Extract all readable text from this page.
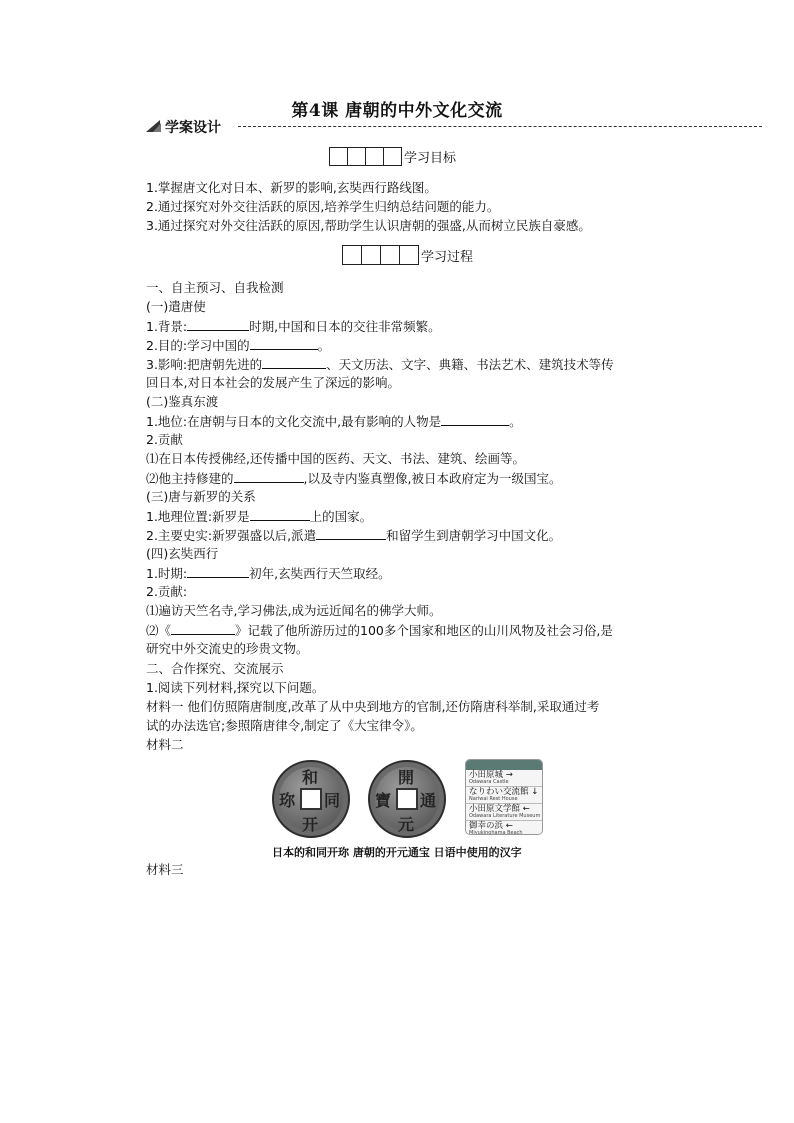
第4课 唐朝的中外文化交流
学案设计
学习目标
1.掌握唐文化对日本、新罗的影响,玄奘西行路线图。
2.通过探究对外交往活跃的原因,培养学生归纳总结问题的能力。
3.通过探究对外交往活跃的原因,帮助学生认识唐朝的强盛,从而树立民族自豪感。
学习过程
一、自主预习、自我检测
(一)遣唐使
1.背景:	时期,中国和日本的交往非常频繁。
2.目的:学习中国的	。
3.影响:把唐朝先进的	、天文历法、文字、典籍、书法艺术、建筑技术等传
回日本,对日本社会的发展产生了深远的影响。
(二)鉴真东渡
1.地位:在唐朝与日本的文化交流中,最有影响的人物是	。
2.贡献
⑴在日本传授佛经,还传播中国的医药、天文、书法、建筑、绘画等。
⑵他主持修建的	,以及寺内鉴真塑像,被日本政府定为一级国宝。
(三)唐与新罗的关系
1.地理位置:新罗是	上的国家。
2.主要史实:新罗强盛以后,派遣	和留学生到唐朝学习中国文化。
(四)玄奘西行
1.时期:	初年,玄奘西行天竺取经。
2.贡献:
⑴遍访天竺名寺,学习佛法,成为远近闻名的佛学大师。
⑵《	》记载了他所游历过的100多个国家和地区的山川风物及社会习俗,是
研究中外交流史的珍贵文物。
二、合作探究、交流展示
1.阅读下列材料,探究以下问题。
材料一 他们仿照隋唐制度,改革了从中央到地方的官制,还仿隋唐科举制,采取通过考
试的办法选官;参照隋唐律令,制定了《大宝律令》。
材料二
和
同
开
珎
開
元
通
寶
小田原城 →
Odawara Castle
なりわい交流館 ↓
Nariwai Rest House
小田原文学館 ←
Odawara Literature Museum
御幸の浜 ←
Miyukinohama Beach
日本的和同开珎 唐朝的开元通宝 日语中使用的汉字
材料三
